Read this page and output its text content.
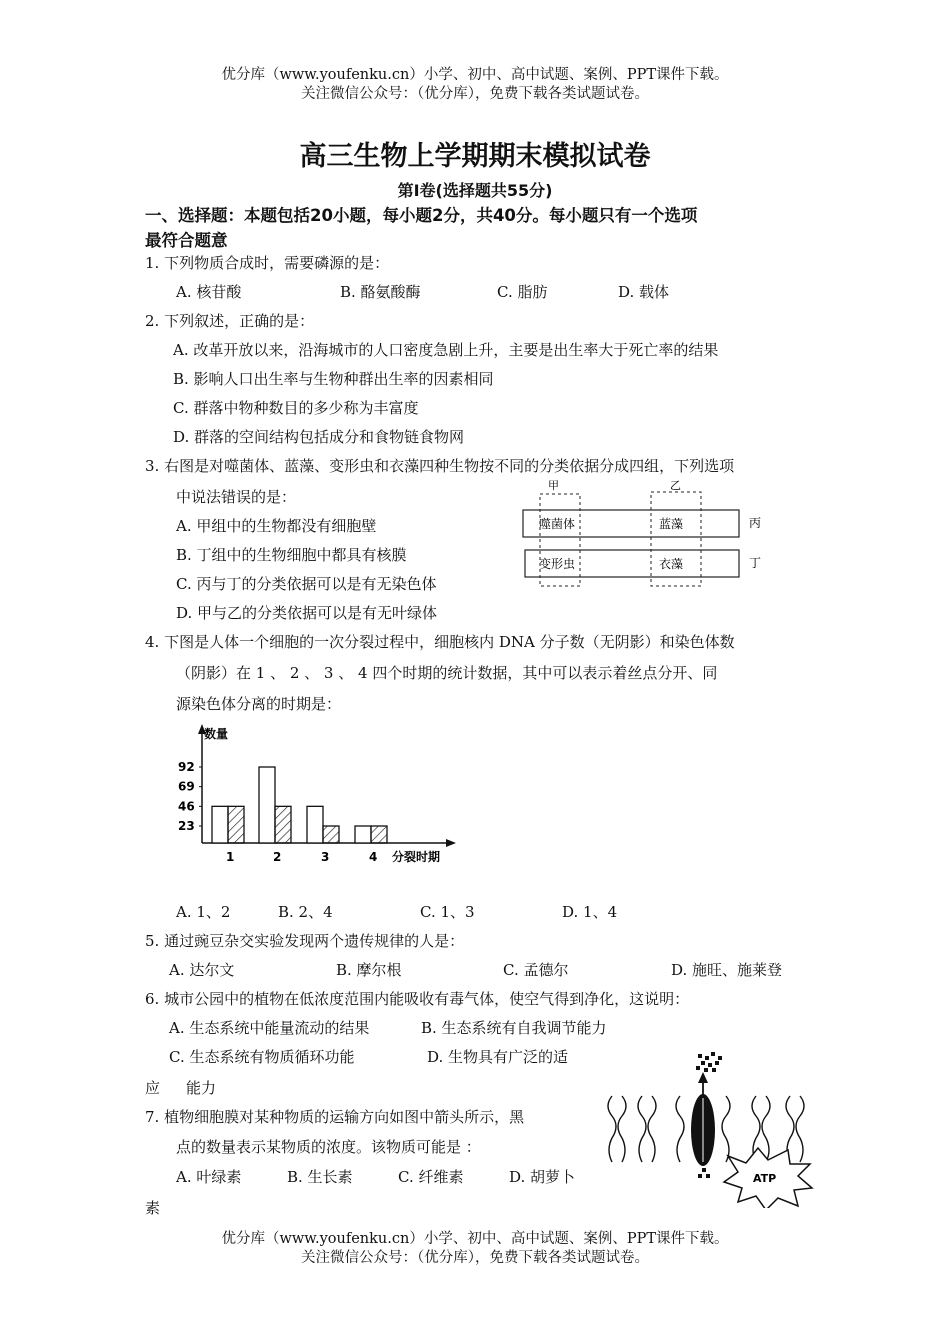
优分库（www.youfenku.cn）小学、初中、高中试题、案例、PPT课件下载。
关注微信公众号：（优分库），免费下载各类试题试卷。
高三生物上学期期末模拟试卷
第Ⅰ卷(选择题共55分)
一、选择题：本题包括20小题，每小题2分，共40分。每小题只有一个选项
最符合题意
1. 下列物质合成时，需要磷源的是：
A. 核苷酸	B. 酪氨酸酶	C. 脂肪	D. 载体
2. 下列叙述，正确的是：
A. 改革开放以来，沿海城市的人口密度急剧上升，主要是出生率大于死亡率的结果
B. 影响人口出生率与生物种群出生率的因素相同
C. 群落中物种数目的多少称为丰富度
D. 群落的空间结构包括成分和食物链食物网
3. 右图是对噬菌体、蓝藻、变形虫和衣藻四种生物按不同的分类依据分成四组，下列选项
中说法错误的是：
A. 甲组中的生物都没有细胞壁
B. 丁组中的生物细胞中都具有核膜
C. 丙与丁的分类依据可以是有无染色体
D. 甲与乙的分类依据可以是有无叶绿体
甲	乙
噬菌体	蓝藻
变形虫	衣藻
丙
丁
4. 下图是人体一个细胞的一次分裂过程中，细胞核内 DNA 分子数（无阴影）和染色体数
（阴影）在 1 、 2 、 3 、 4 四个时期的统计数据，其中可以表示着丝点分开、同
源染色体分离的时期是：
数量
分裂时期
92
69
46
23
1	2	3	4
A. 1、2	B. 2、4	C. 1、3	D. 1、4
5. 通过豌豆杂交实验发现两个遗传规律的人是：
A. 达尔文	B. 摩尔根	C. 孟德尔	D. 施旺、施莱登
6. 城市公园中的植物在低浓度范围内能吸收有毒气体，使空气得到净化，这说明：
A. 生态系统中能量流动的结果	B. 生态系统有自我调节能力
C. 生态系统有物质循环功能	D. 生物具有广泛的适
应 能力
7. 植物细胞膜对某种物质的运输方向如图中箭头所示，黑
点的数量表示某物质的浓度。该物质可能是 ：
A. 叶绿素	B. 生长素	C. 纤维素	D. 胡萝卜
素
ATP
优分库（www.youfenku.cn）小学、初中、高中试题、案例、PPT课件下载。
关注微信公众号：（优分库），免费下载各类试题试卷。
